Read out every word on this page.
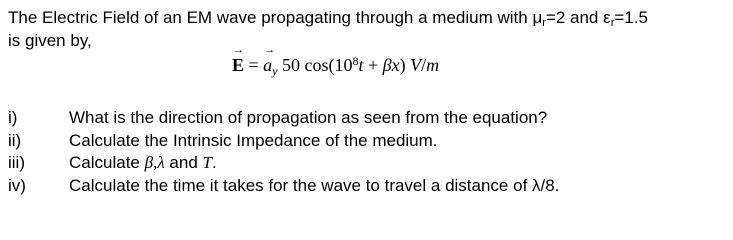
The Electric Field of an EM wave propagating through a medium with $\mu_r=2$ and $\varepsilon_r=1.5$
is given by,	→
E =
→
$a_y$ 50 $\cos(10^8t + \beta x)$ V/m
i)	What is the direction of propagation as seen from the equation?
ii)	Calculate the Intrinsic Impedance of the medium.
iii)	Calculate β,λ and T.
iv)	Calculate the time it takes for the wave to travel a distance of λ/8.
